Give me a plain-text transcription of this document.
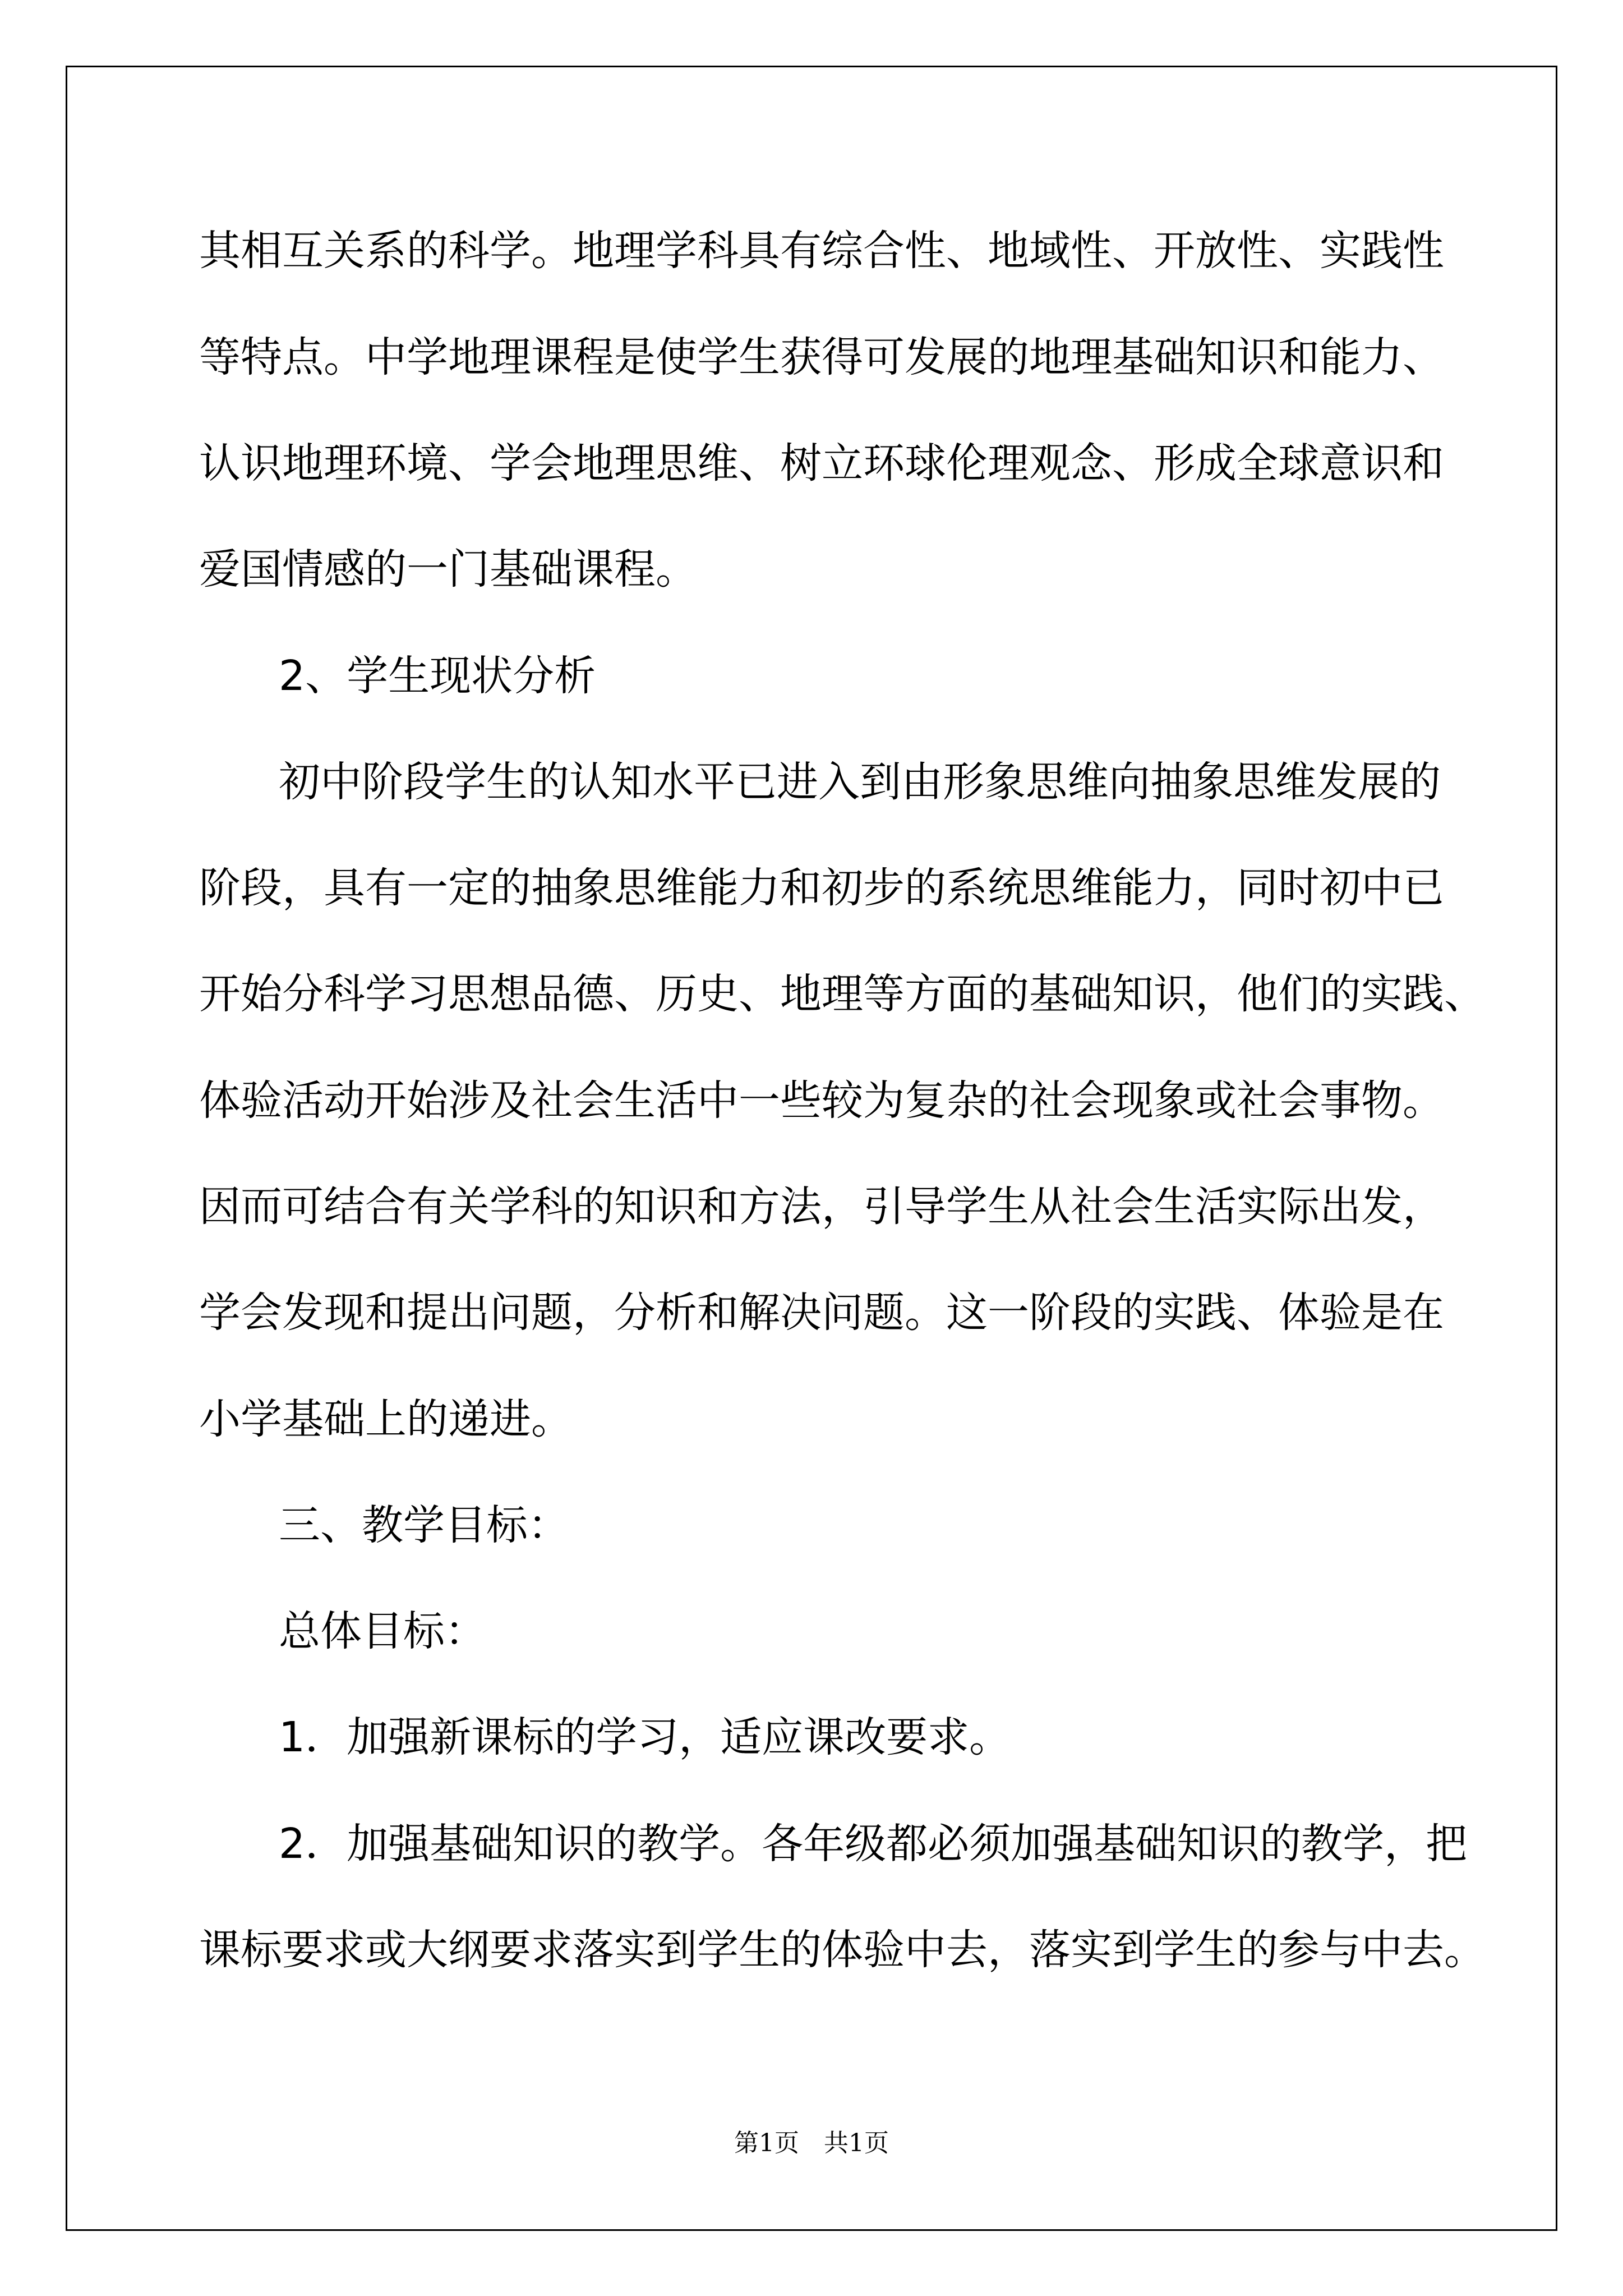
其相互关系的科学。地理学科具有综合性、地域性、开放性、实践性
等特点。中学地理课程是使学生获得可发展的地理基础知识和能力、
认识地理环境、学会地理思维、树立环球伦理观念、形成全球意识和
爱国情感的一门基础课程。
2、学生现状分析
初中阶段学生的认知水平已进入到由形象思维向抽象思维发展的
阶段，具有一定的抽象思维能力和初步的系统思维能力，同时初中已
开始分科学习思想品德、历史、地理等方面的基础知识，他们的实践、
体验活动开始涉及社会生活中一些较为复杂的社会现象或社会事物。
因而可结合有关学科的知识和方法，引导学生从社会生活实际出发，
学会发现和提出问题，分析和解决问题。这一阶段的实践、体验是在
小学基础上的递进。
三、教学目标：
总体目标：
1．加强新课标的学习，适应课改要求。
2．加强基础知识的教学。各年级都必须加强基础知识的教学，把
课标要求或大纲要求落实到学生的体验中去，落实到学生的参与中去。
第1页　共1页
